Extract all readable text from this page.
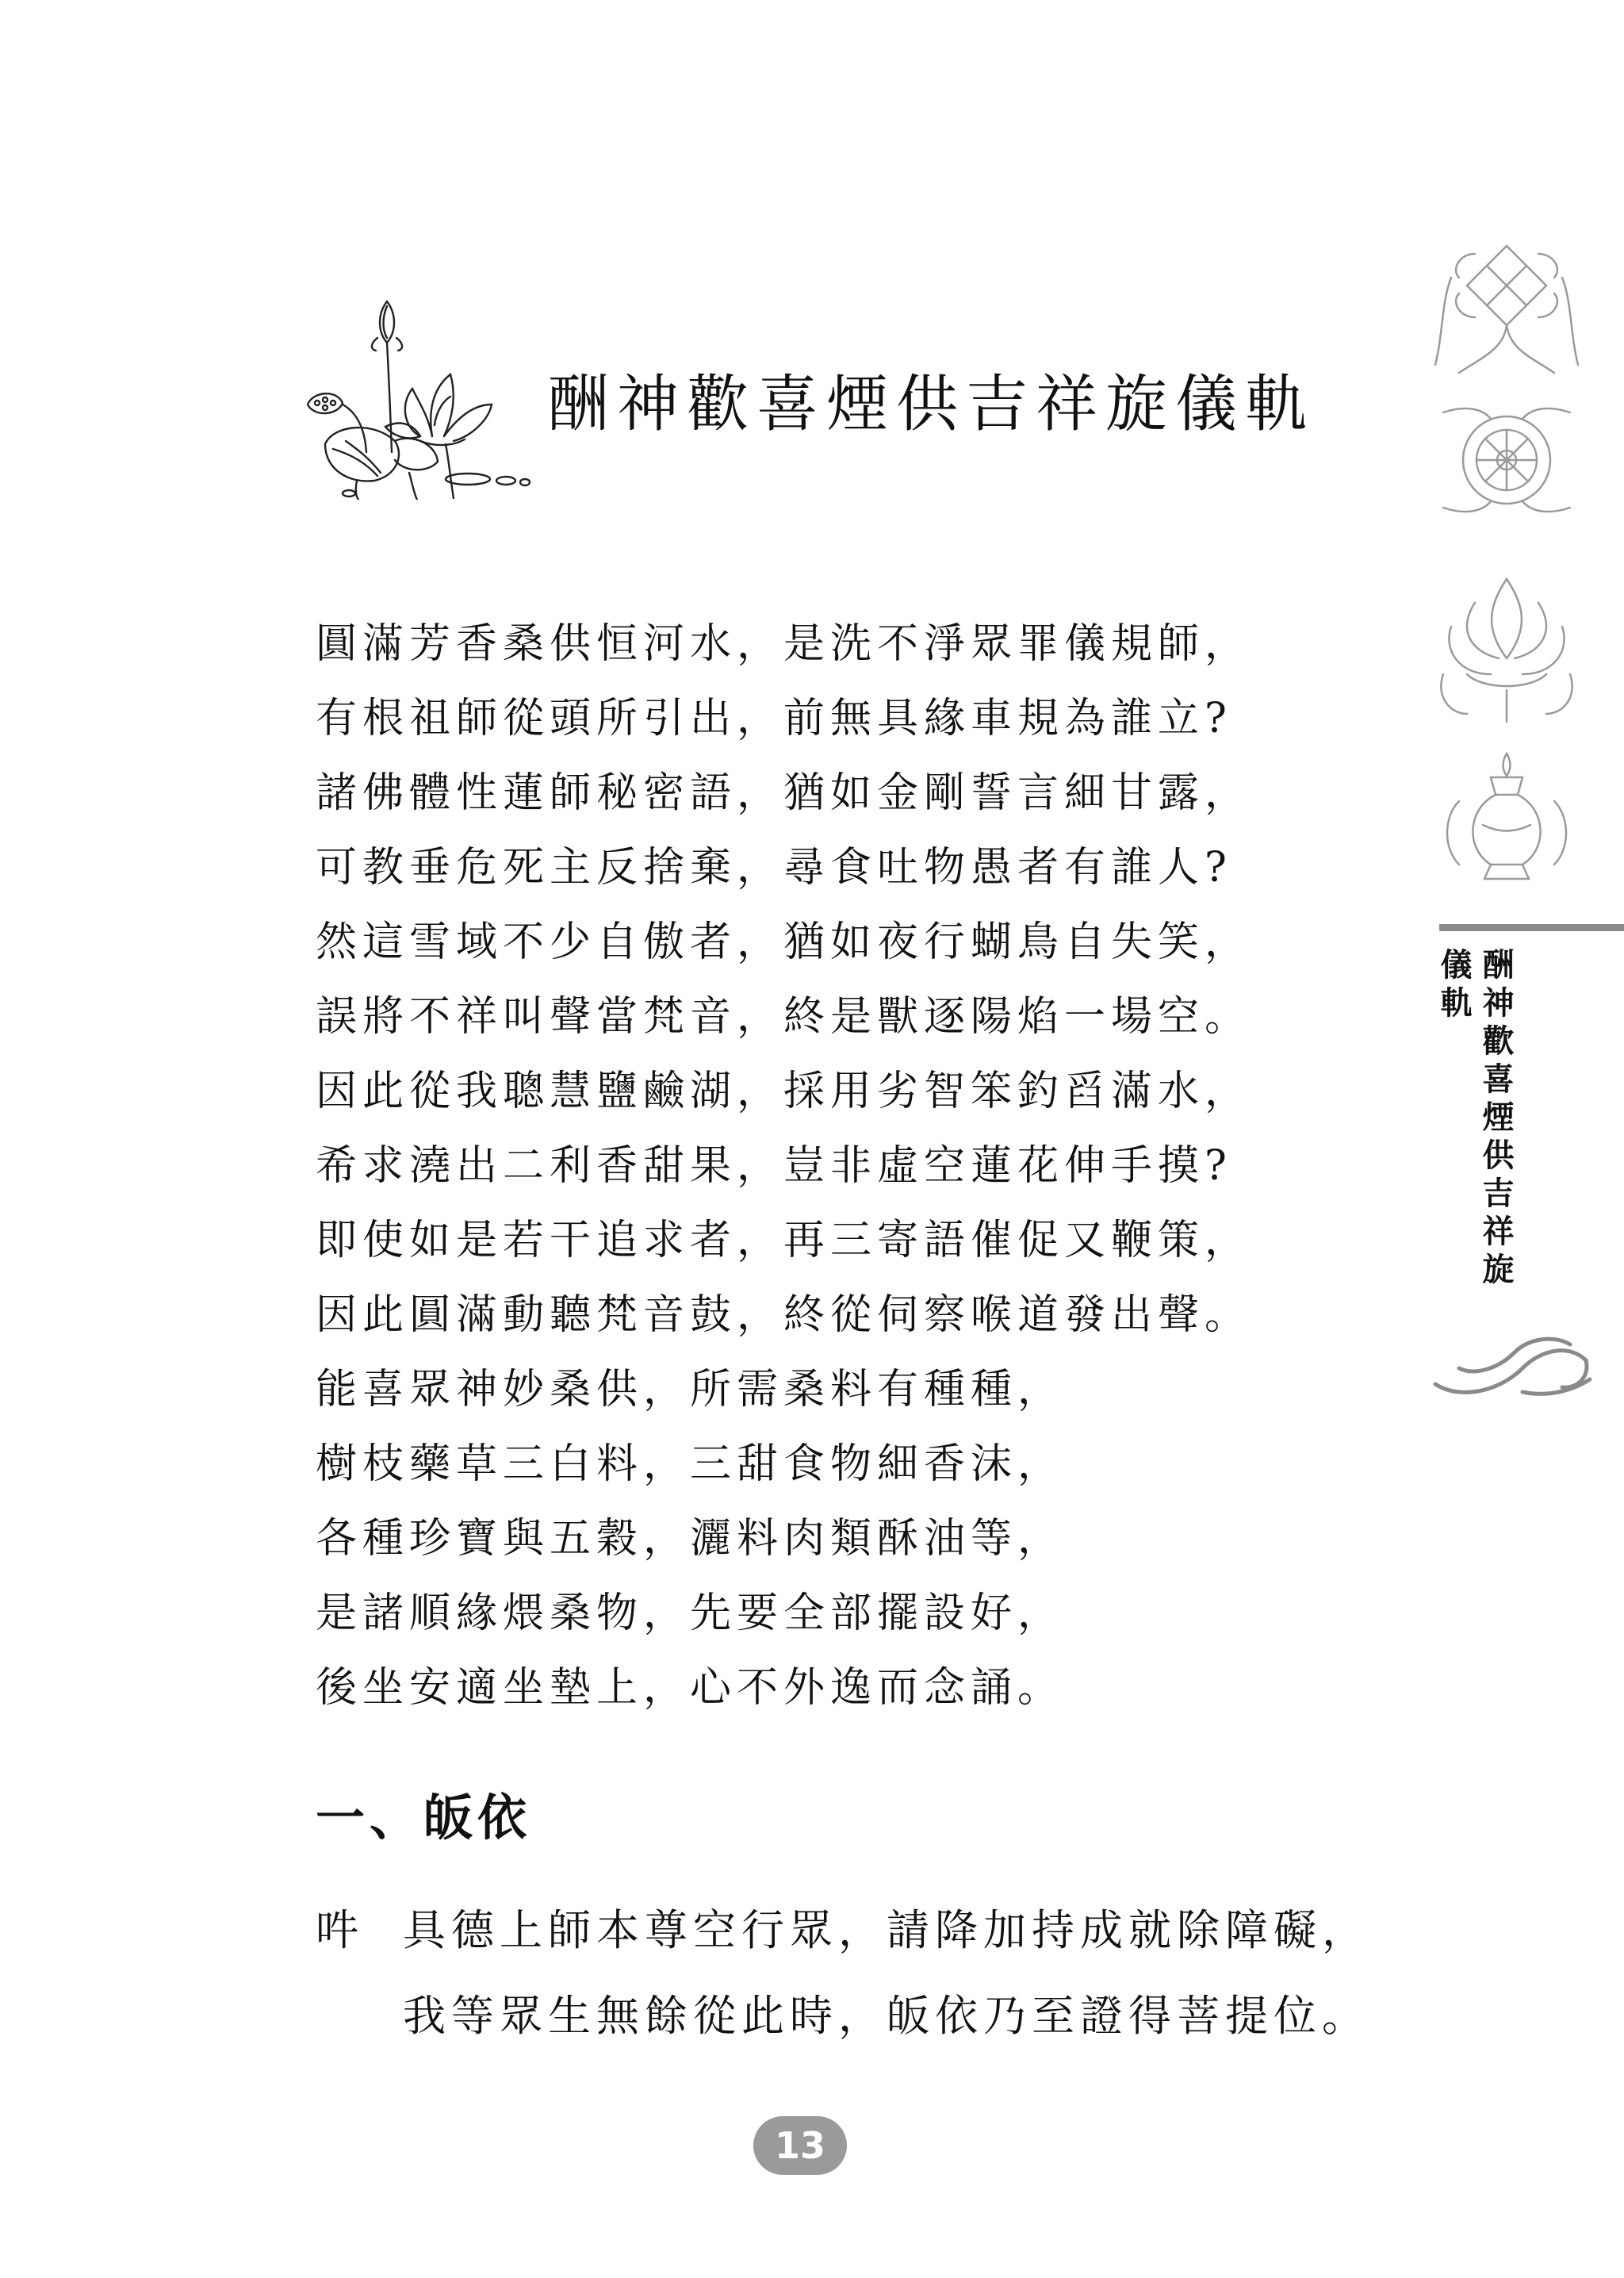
酬神歡喜煙供吉祥旋儀軌
圓滿芳香桑供恒河水，是洗不淨眾罪儀規師，
有根祖師從頭所引出，前無具緣車規為誰立?
諸佛體性蓮師秘密語，猶如金剛誓言細甘露，
可教垂危死主反捨棄，尋食吐物愚者有誰人?
然這雪域不少自傲者，猶如夜行蝴鳥自失笑，
誤將不祥叫聲當梵音，終是獸逐陽焰一場空。
因此從我聰慧鹽鹼湖，採用劣智笨釣舀滿水，
希求澆出二利香甜果，豈非虛空蓮花伸手摸?
即使如是若干追求者，再三寄語催促又鞭策，
因此圓滿動聽梵音鼓，終從伺察喉道發出聲。
能喜眾神妙桑供，所需桑料有種種，
樹枝藥草三白料，三甜食物細香沫，
各種珍寶與五穀，灑料肉類酥油等，
是諸順緣煨桑物，先要全部擺設好，
後坐安適坐墊上，心不外逸而念誦。
一、皈依
吽 具德上師本尊空行眾，請降加持成就除障礙，
我等眾生無餘從此時，皈依乃至證得菩提位。
13
酬神歡喜煙供吉祥旋
儀軌
